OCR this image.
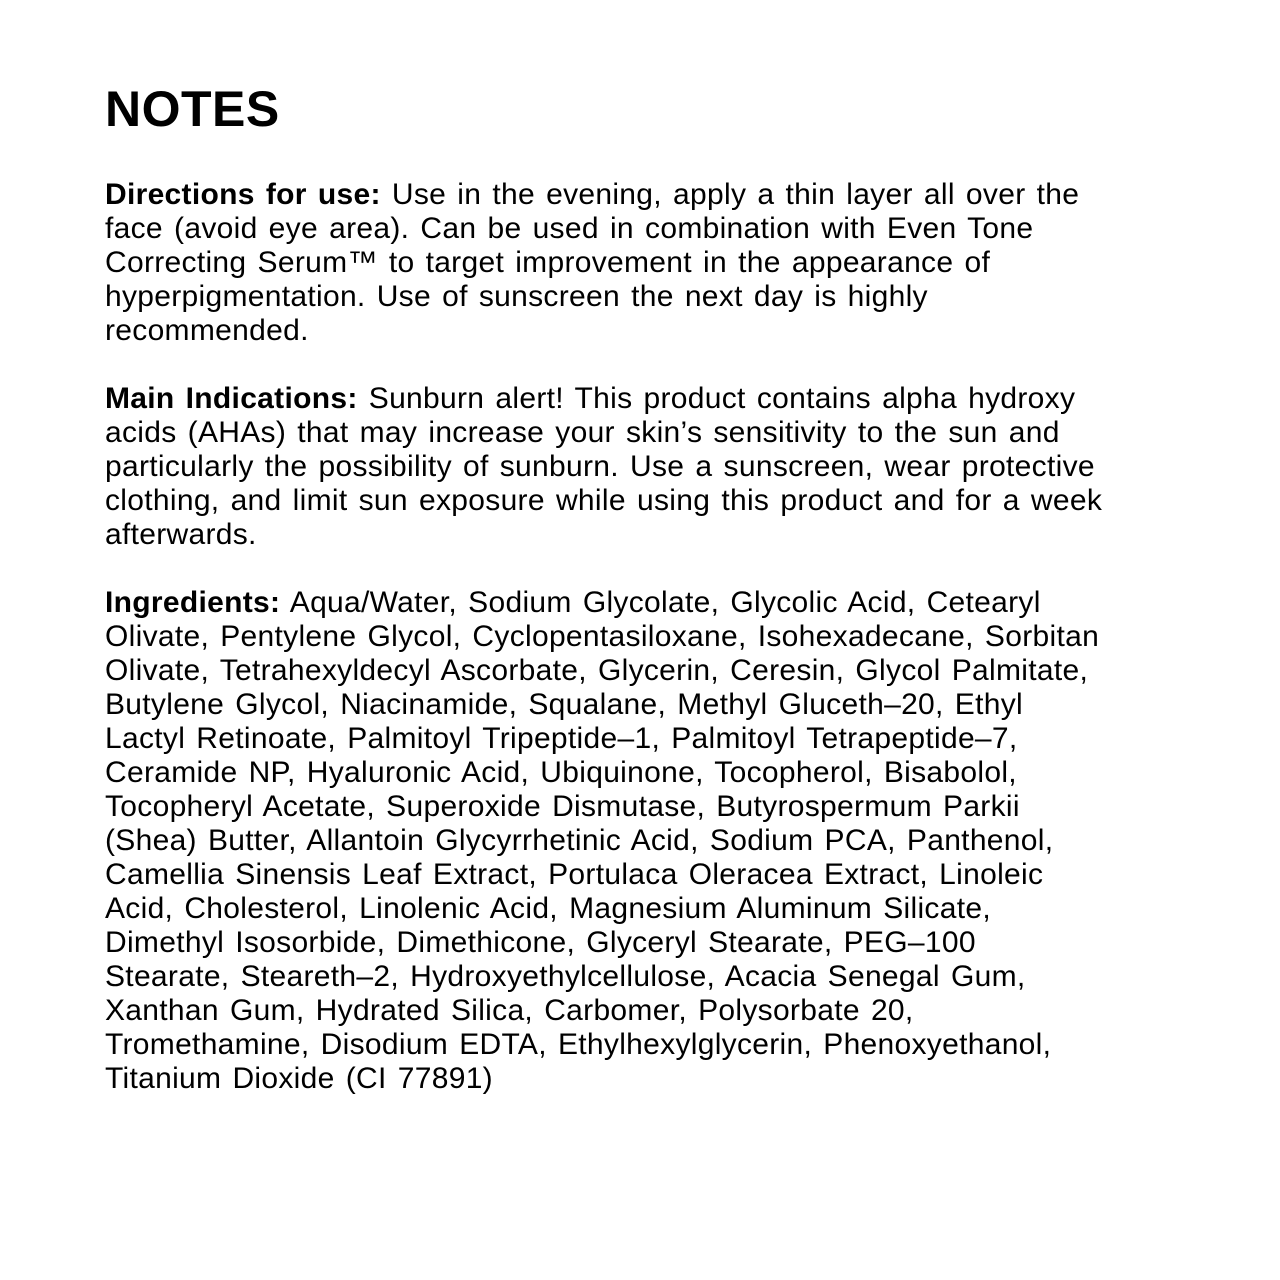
NOTES

Directions for use: Use in the evening, apply a thin layer all over the face (avoid eye area). Can be used in combination with Even Tone Correcting Serum™ to target improvement in the appearance of hyperpigmentation. Use of sunscreen the next day is highly recommended.

Main Indications: Sunburn alert! This product contains alpha hydroxy acids (AHAs) that may increase your skin’s sensitivity to the sun and particularly the possibility of sunburn. Use a sunscreen, wear protective clothing, and limit sun exposure while using this product and for a week afterwards.

Ingredients: Aqua/Water, Sodium Glycolate, Glycolic Acid, Cetearyl Olivate, Pentylene Glycol, Cyclopentasiloxane, Isohexadecane, Sorbitan Olivate, Tetrahexyldecyl Ascorbate, Glycerin, Ceresin, Glycol Palmitate, Butylene Glycol, Niacinamide, Squalane, Methyl Gluceth–20, Ethyl Lactyl Retinoate, Palmitoyl Tripeptide–1, Palmitoyl Tetrapeptide–7, Ceramide NP, Hyaluronic Acid, Ubiquinone, Tocopherol, Bisabolol, Tocopheryl Acetate, Superoxide Dismutase, Butyrospermum Parkii (Shea) Butter, Allantoin Glycyrrhetinic Acid, Sodium PCA, Panthenol, Camellia Sinensis Leaf Extract, Portulaca Oleracea Extract, Linoleic Acid, Cholesterol, Linolenic Acid, Magnesium Aluminum Silicate, Dimethyl Isosorbide, Dimethicone, Glyceryl Stearate, PEG–100 Stearate, Steareth–2, Hydroxyethylcellulose, Acacia Senegal Gum, Xanthan Gum, Hydrated Silica, Carbomer, Polysorbate 20, Tromethamine, Disodium EDTA, Ethylhexylglycerin, Phenoxyethanol, Titanium Dioxide (CI 77891)
